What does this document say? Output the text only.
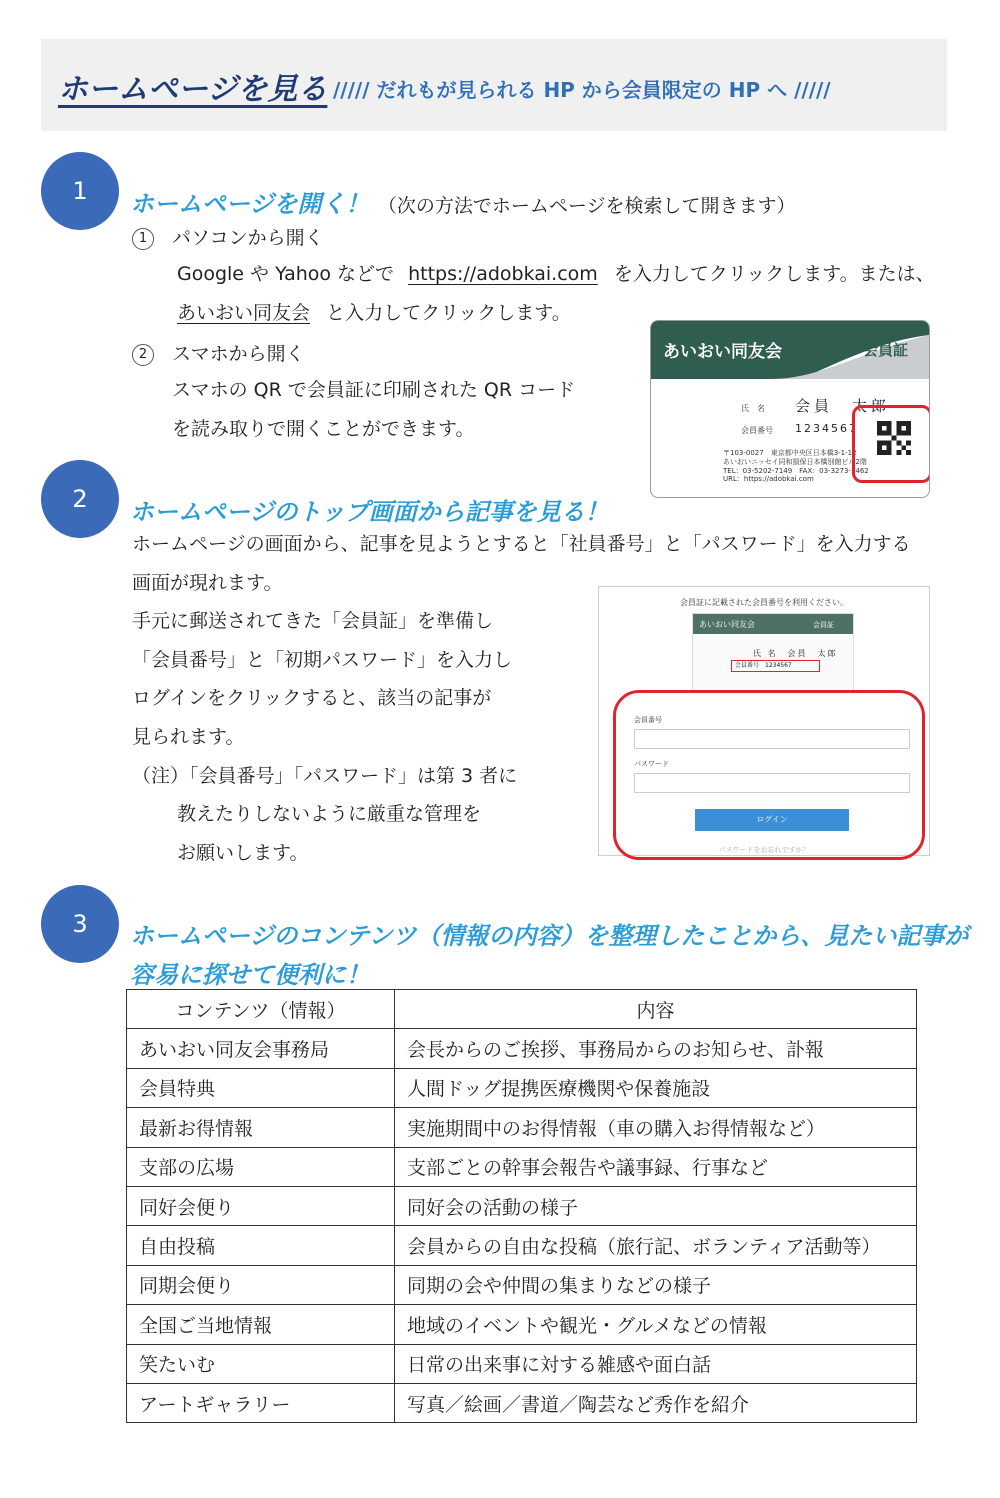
ホームページを見る ///// だれもが見られる HP から会員限定の HP へ /////
1	ホームページを開く！ （次の方法でホームページを検索して開きます）
1 パソコンから開く
Google や Yahoo などで https://adobkai.com を入力してクリックします。または、
あいおい同友会 と入力してクリックします。
2 スマホから開く
スマホの QR で会員証に印刷された QR コード
を読み取りで開くことができます。
あいおい同友会	会員証
氏　名 会員　太郎
会員番号 1234567
〒103-0027　東京都中央区日本橋3-1-12
あいおいニッセイ同和損保日本橋別館ビル2階
TEL：03-5202-7149　FAX：03-3273-1462
URL：https://adobkai.com
2	ホームページのトップ画面から記事を見る！
ホームページの画面から、記事を見ようとすると「社員番号」と「パスワード」を入力する
画面が現れます。
手元に郵送されてきた「会員証」を準備し
「会員番号」と「初期パスワード」を入力し
ログインをクリックすると、該当の記事が
見られます。
（注）「会員番号」「パスワード」は第 3 者に
教えたりしないように厳重な管理を
お願いします。
会員証に記載された会員番号を利用ください。
あいおい同友会	会員証
氏 名　会員　太郎
会員番号　1234567
会員番号
パスワード
ログイン
パスワードをお忘れですか？
3	ホームページのコンテンツ（情報の内容）を整理したことから、見たい記事が
容易に探せて便利に！
コンテンツ（情報）	内容
あいおい同友会事務局	会長からのご挨拶、事務局からのお知らせ、訃報
会員特典	人間ドッグ提携医療機関や保養施設
最新お得情報	実施期間中のお得情報（車の購入お得情報など）
支部の広場	支部ごとの幹事会報告や議事録、行事など
同好会便り	同好会の活動の様子
自由投稿	会員からの自由な投稿（旅行記、ボランティア活動等）
同期会便り	同期の会や仲間の集まりなどの様子
全国ご当地情報	地域のイベントや観光・グルメなどの情報
笑たいむ	日常の出来事に対する雑感や面白話
アートギャラリー	写真／絵画／書道／陶芸など秀作を紹介
